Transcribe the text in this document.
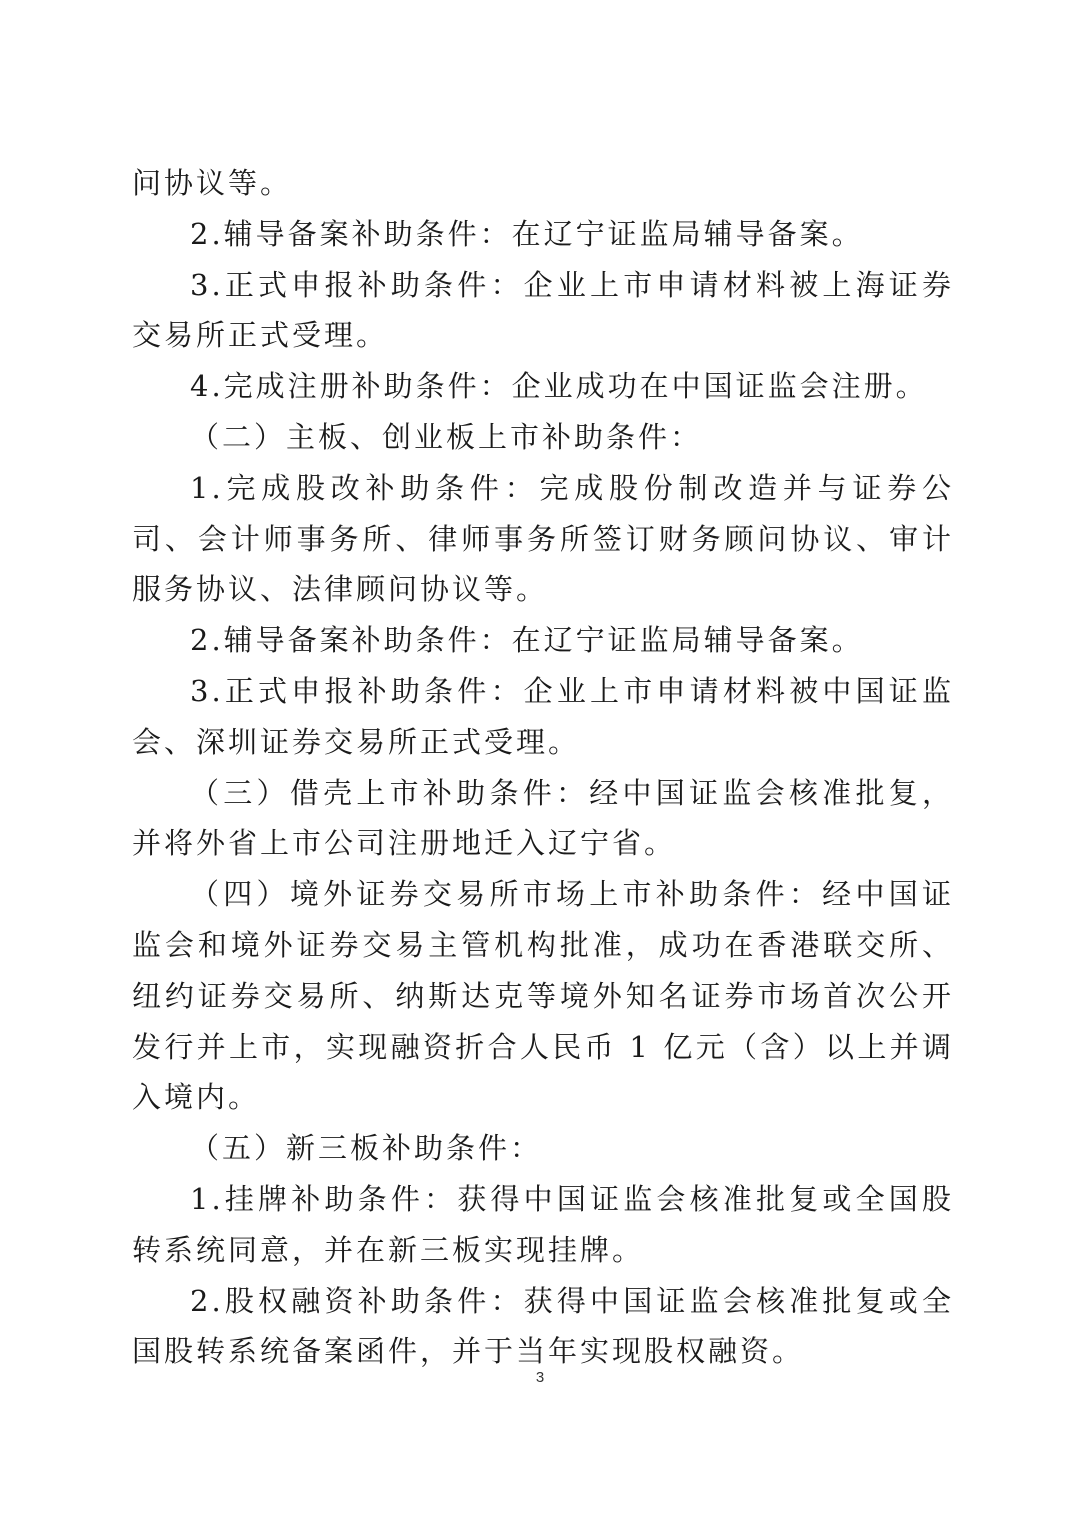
问协议等。

2.辅导备案补助条件：在辽宁证监局辅导备案。

3.正式申报补助条件：企业上市申请材料被上海证券交易所正式受理。

4.完成注册补助条件：企业成功在中国证监会注册。

（二）主板、创业板上市补助条件：

1.完成股改补助条件：完成股份制改造并与证券公司、会计师事务所、律师事务所签订财务顾问协议、审计服务协议、法律顾问协议等。

2.辅导备案补助条件：在辽宁证监局辅导备案。

3.正式申报补助条件：企业上市申请材料被中国证监会、深圳证券交易所正式受理。

（三）借壳上市补助条件：经中国证监会核准批复，并将外省上市公司注册地迁入辽宁省。

（四）境外证券交易所市场上市补助条件：经中国证监会和境外证券交易主管机构批准，成功在香港联交所、纽约证券交易所、纳斯达克等境外知名证券市场首次公开发行并上市，实现融资折合人民币 1 亿元（含）以上并调入境内。

（五）新三板补助条件：

1.挂牌补助条件：获得中国证监会核准批复或全国股转系统同意，并在新三板实现挂牌。

2.股权融资补助条件：获得中国证监会核准批复或全国股转系统备案函件，并于当年实现股权融资。

3
